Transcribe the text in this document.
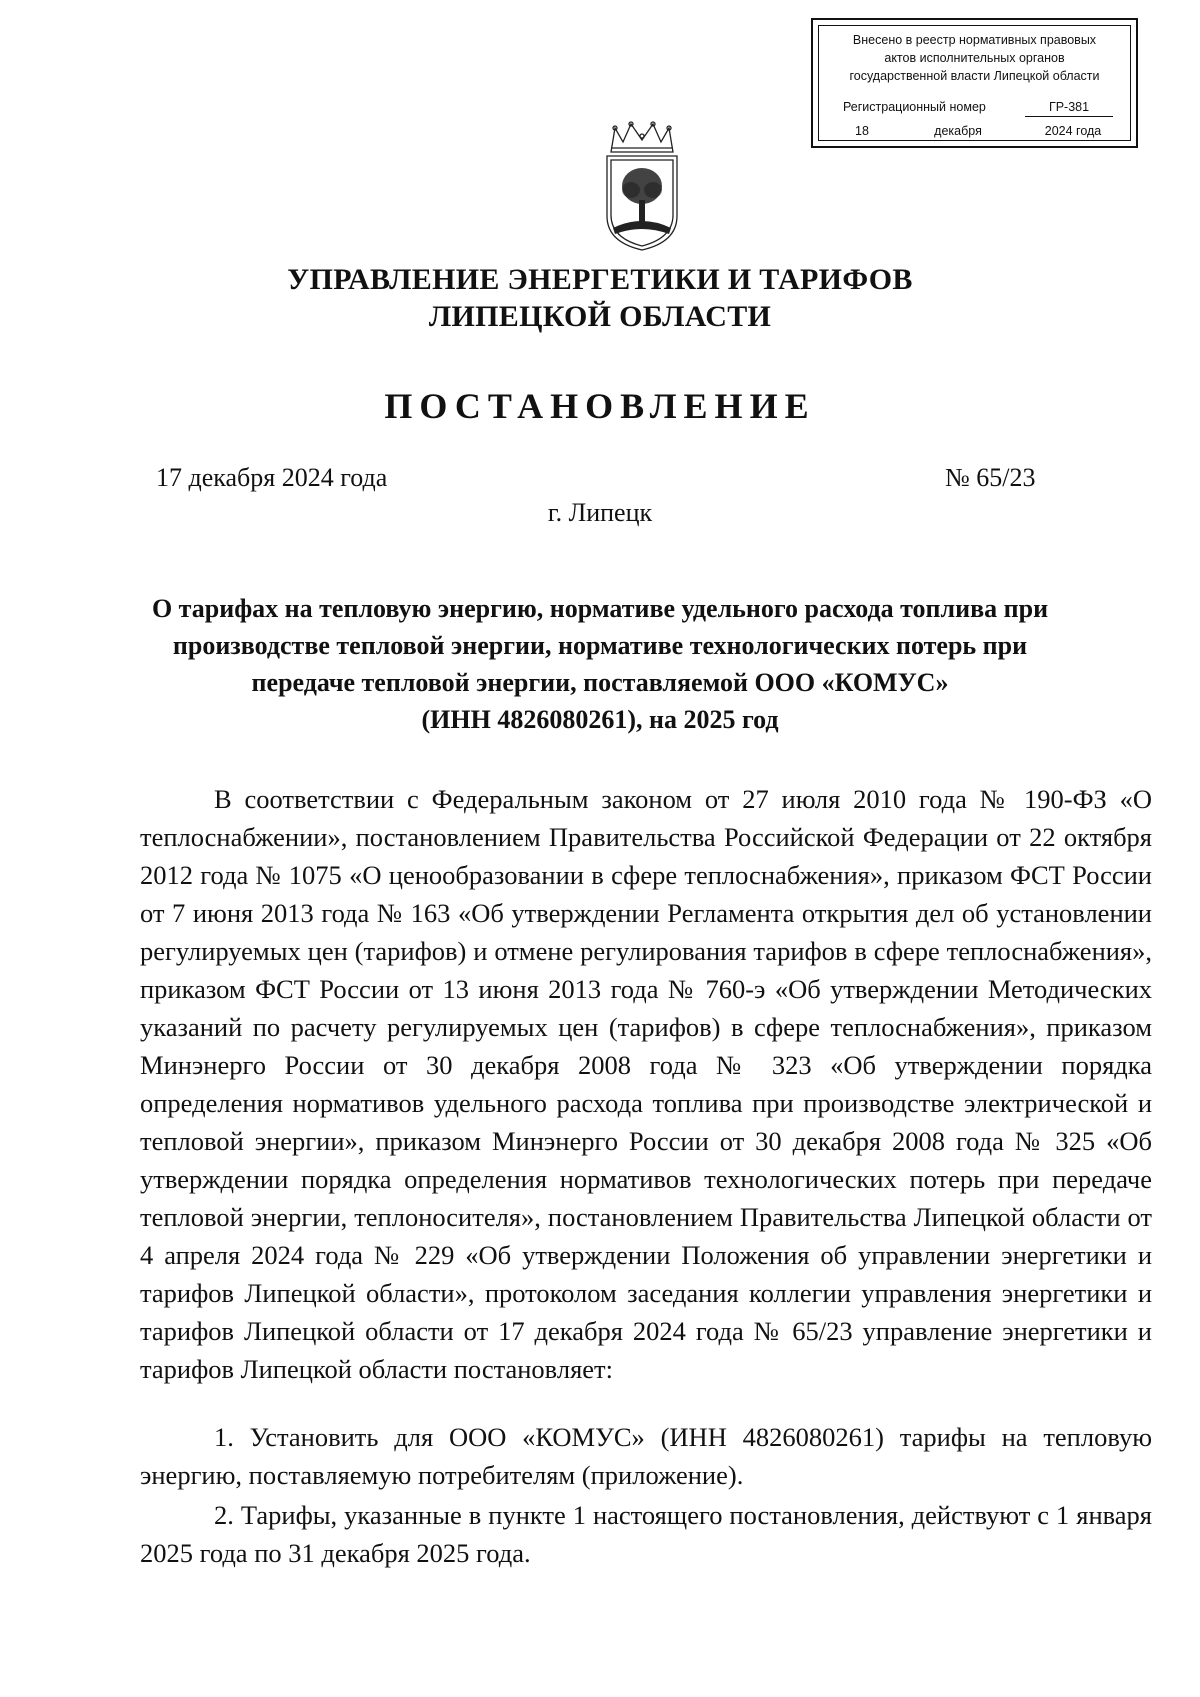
Внесено в реестр нормативных правовых
актов исполнительных органов
государственной власти Липецкой области
Регистрационный номер	ГР-381
18	декабря	2024 года
УПРАВЛЕНИЕ ЭНЕРГЕТИКИ И ТАРИФОВ
ЛИПЕЦКОЙ ОБЛАСТИ
ПОСТАНОВЛЕНИЕ
17 декабря 2024 года	№ 65/23
г. Липецк
О тарифах на тепловую энергию, нормативе удельного расхода топлива при
производстве тепловой энергии, нормативе технологических потерь при
передаче тепловой энергии, поставляемой ООО «КОМУС»
(ИНН 4826080261), на 2025 год

В соответствии с Федеральным законом от 27 июля 2010 года № 190-ФЗ «О теплоснабжении», постановлением Правительства Российской Федерации от 22 октября 2012 года № 1075 «О ценообразовании в сфере теплоснабжения», приказом ФСТ России от 7 июня 2013 года № 163 «Об утверждении Регламента открытия дел об установлении регулируемых цен (тарифов) и отмене регулирования тарифов в сфере теплоснабжения», приказом ФСТ России от 13 июня 2013 года № 760-э «Об утверждении Методических указаний по расчету регулируемых цен (тарифов) в сфере теплоснабжения», приказом Минэнерго России от 30 декабря 2008 года № 323 «Об утверждении порядка определения нормативов удельного расхода топлива при производстве электрической и тепловой энергии», приказом Минэнерго России от 30 декабря 2008 года № 325 «Об утверждении порядка определения нормативов технологических потерь при передаче тепловой энергии, теплоносителя», постановлением Правительства Липецкой области от 4 апреля 2024 года № 229 «Об утверждении Положения об управлении энергетики и тарифов Липецкой области», протоколом заседания коллегии управления энергетики и тарифов Липецкой области от 17 декабря 2024 года № 65/23 управление энергетики и тарифов Липецкой области постановляет:

1. Установить для ООО «КОМУС» (ИНН 4826080261) тарифы на тепловую энергию, поставляемую потребителям (приложение).

2. Тарифы, указанные в пункте 1 настоящего постановления, действуют с 1 января 2025 года по 31 декабря 2025 года.
